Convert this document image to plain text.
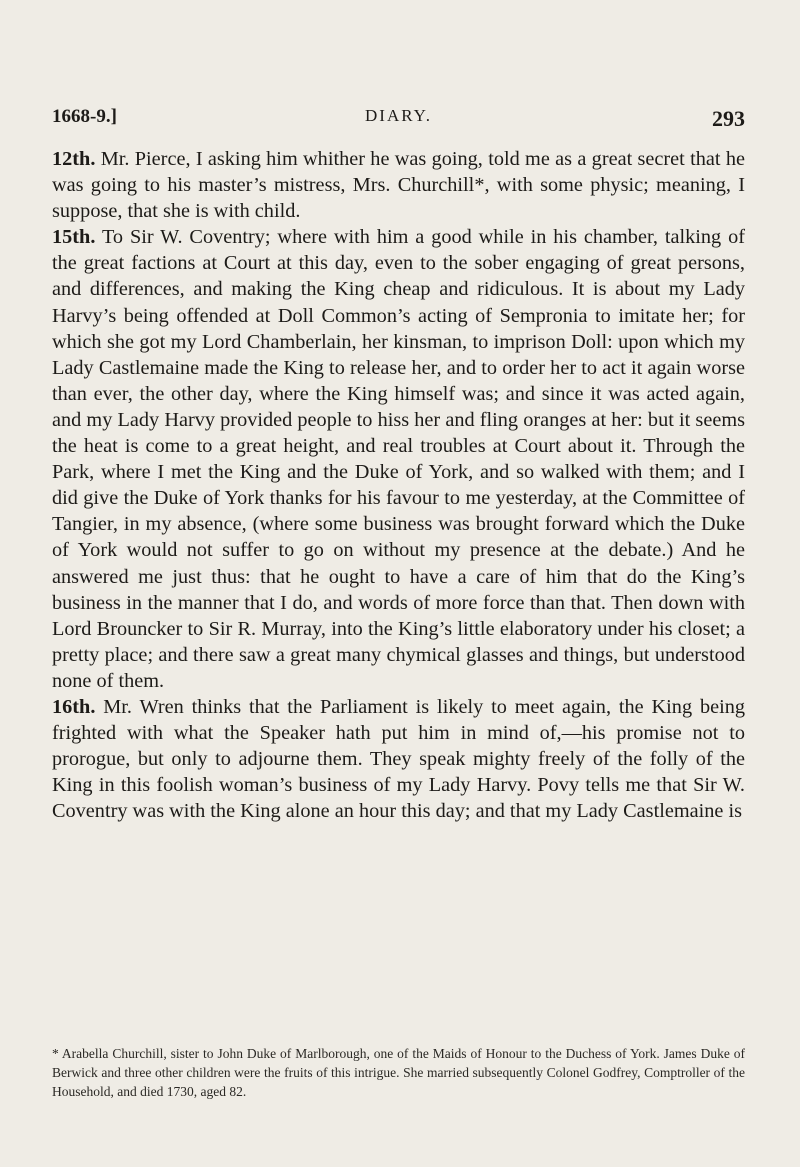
1668-9.]	DIARY.	293

12th. Mr. Pierce, I asking him whither he was going, told me as a great secret that he was going to his master’s mistress, Mrs. Churchill*, with some physic; meaning, I suppose, that she is with child.

15th. To Sir W. Coventry; where with him a good while in his chamber, talking of the great factions at Court at this day, even to the sober engaging of great persons, and differences, and making the King cheap and ridiculous. It is about my Lady Harvy’s being offended at Doll Common’s acting of Sempronia to imitate her; for which she got my Lord Chamberlain, her kinsman, to imprison Doll: upon which my Lady Castlemaine made the King to release her, and to order her to act it again worse than ever, the other day, where the King himself was; and since it was acted again, and my Lady Harvy provided people to hiss her and fling oranges at her: but it seems the heat is come to a great height, and real troubles at Court about it. Through the Park, where I met the King and the Duke of York, and so walked with them; and I did give the Duke of York thanks for his favour to me yesterday, at the Committee of Tangier, in my absence, (where some business was brought forward which the Duke of York would not suffer to go on without my presence at the debate.) And he answered me just thus: that he ought to have a care of him that do the King’s business in the manner that I do, and words of more force than that. Then down with Lord Brouncker to Sir R. Murray, into the King’s little elaboratory under his closet; a pretty place; and there saw a great many chymical glasses and things, but understood none of them.

16th. Mr. Wren thinks that the Parliament is likely to meet again, the King being frighted with what the Speaker hath put him in mind of,—his promise not to prorogue, but only to adjourne them. They speak mighty freely of the folly of the King in this foolish woman’s business of my Lady Harvy. Povy tells me that Sir W. Coventry was with the King alone an hour this day; and that my Lady Castlemaine is

* Arabella Churchill, sister to John Duke of Marlborough, one of the Maids of Honour to the Duchess of York. James Duke of Berwick and three other children were the fruits of this intrigue. She married subsequently Colonel Godfrey, Comptroller of the Household, and died 1730, aged 82.
